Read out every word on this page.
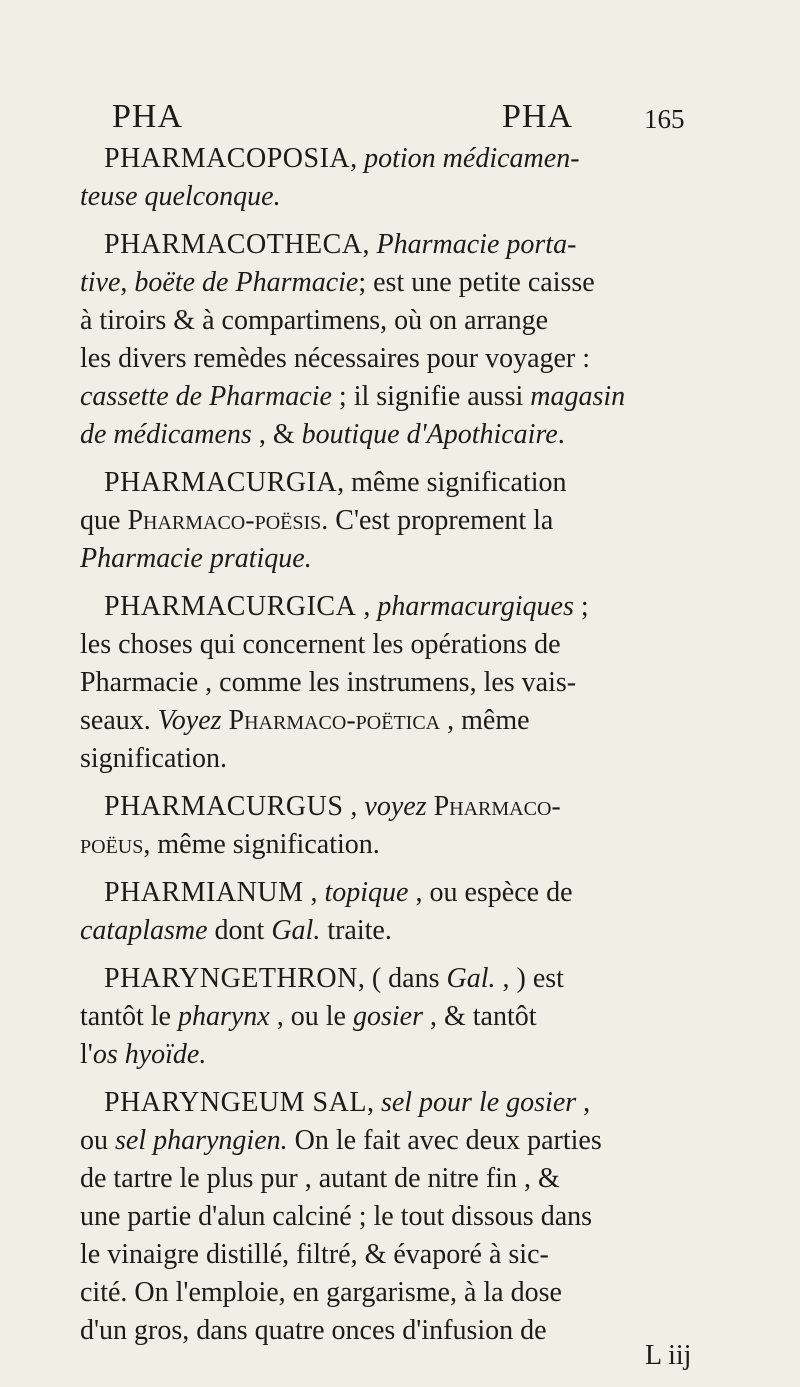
PHA	PHA	165
PHARMACOPOSIA, potion médicamen-
teuse quelconque.
PHARMACOTHECA, Pharmacie porta-
tive, boëte de Pharmacie; est une petite caisse
à tiroirs & à compartimens, où on arrange
les divers remèdes nécessaires pour voyager :
cassette de Pharmacie ; il signifie aussi magasin
de médicamens , & boutique d'Apothicaire.
PHARMACURGIA, même signification
que Pharmaco-poësis. C'est proprement la
Pharmacie pratique.
PHARMACURGICA , pharmacurgiques ;
les choses qui concernent les opérations de
Pharmacie , comme les instrumens, les vais-
seaux. Voyez Pharmaco-poëtica , même
signification.
PHARMACURGUS , voyez Pharmaco-
poëus, même signification.
PHARMIANUM , topique , ou espèce de
cataplasme dont Gal. traite.
PHARYNGETHRON, ( dans Gal. , ) est
tantôt le pharynx , ou le gosier , & tantôt
l'os hyoïde.
PHARYNGEUM SAL, sel pour le gosier ,
ou sel pharyngien. On le fait avec deux parties
de tartre le plus pur , autant de nitre fin , &
une partie d'alun calciné ; le tout dissous dans
le vinaigre distillé, filtré, & évaporé à sic-
cité. On l'emploie, en gargarisme, à la dose
d'un gros, dans quatre onces d'infusion de
L iij
